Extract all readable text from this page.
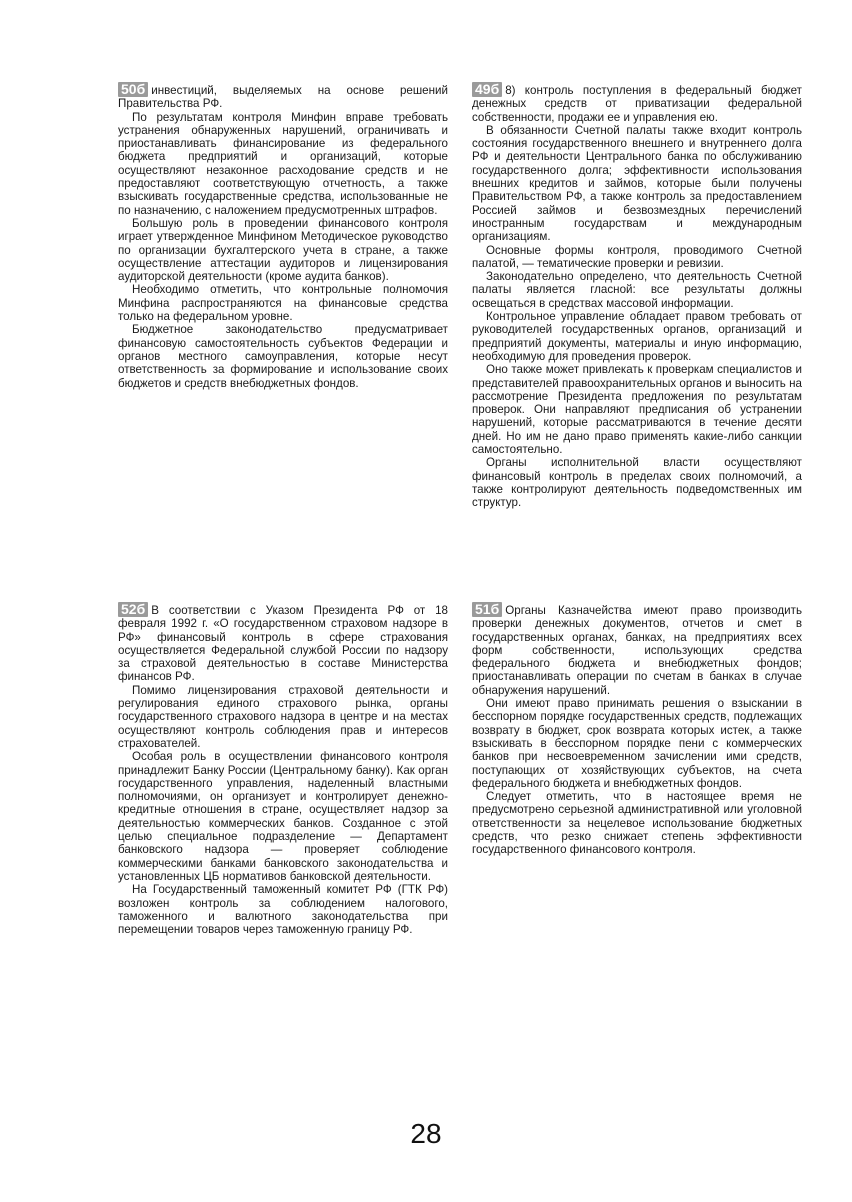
50б инвестиций, выделяемых на основе решений Правительства РФ.

По результатам контроля Минфин вправе требовать устранения обнаруженных нарушений, ограничивать и приостанавливать финансирование из федерального бюджета предприятий и организаций, которые осуществляют незаконное расходование средств и не предоставляют соответствующую отчетность, а также взыскивать государственные средства, использованные не по назначению, с наложением предусмотренных штрафов.

Большую роль в проведении финансового контроля играет утвержденное Минфином Методическое руководство по организации бухгалтерского учета в стране, а также осуществление аттестации аудиторов и лицензирования аудиторской деятельности (кроме аудита банков).

Необходимо отметить, что контрольные полномочия Минфина распространяются на финансовые средства только на федеральном уровне.

Бюджетное законодательство предусматривает финансовую самостоятельность субъектов Федерации и органов местного самоуправления, которые несут ответственность за формирование и использование своих бюджетов и средств внебюджетных фондов.

49б 8) контроль поступления в федеральный бюджет денежных средств от приватизации федеральной собственности, продажи ее и управления ею.

В обязанности Счетной палаты также входит контроль состояния государственного внешнего и внутреннего долга РФ и деятельности Центрального банка по обслуживанию государственного долга; эффективности использования внешних кредитов и займов, которые были получены Правительством РФ, а также контроль за предоставлением Россией займов и безвозмездных перечислений иностранным государствам и международным организациям.

Основные формы контроля, проводимого Счетной палатой, — тематические проверки и ревизии.

Законодательно определено, что деятельность Счетной палаты является гласной: все результаты должны освещаться в средствах массовой информации.

Контрольное управление обладает правом требовать от руководителей государственных органов, организаций и предприятий документы, материалы и иную информацию, необходимую для проведения проверок.

Оно также может привлекать к проверкам специалистов и представителей правоохранительных органов и выносить на рассмотрение Президента предложения по результатам проверок. Они направляют предписания об устранении нарушений, которые рассматриваются в течение десяти дней. Но им не дано право применять какие-либо санкции самостоятельно.

Органы исполнительной власти осуществляют финансовый контроль в пределах своих полномочий, а также контролируют деятельность подведомственных им структур.

52б В соответствии с Указом Президента РФ от 18 февраля 1992 г. «О государственном страховом надзоре в РФ» финансовый контроль в сфере страхования осуществляется Федеральной службой России по надзору за страховой деятельностью в составе Министерства финансов РФ.

Помимо лицензирования страховой деятельности и регулирования единого страхового рынка, органы государственного страхового надзора в центре и на местах осуществляют контроль соблюдения прав и интересов страхователей.

Особая роль в осуществлении финансового контроля принадлежит Банку России (Центральному банку). Как орган государственного управления, наделенный властными полномочиями, он организует и контролирует денежно-кредитные отношения в стране, осуществляет надзор за деятельностью коммерческих банков. Созданное с этой целью специальное подразделение — Департамент банковского надзора — проверяет соблюдение коммерческими банками банковского законодательства и установленных ЦБ нормативов банковской деятельности.

На Государственный таможенный комитет РФ (ГТК РФ) возложен контроль за соблюдением налогового, таможенного и валютного законодательства при перемещении товаров через таможенную границу РФ.

51б Органы Казначейства имеют право производить проверки денежных документов, отчетов и смет в государственных органах, банках, на предприятиях всех форм собственности, использующих средства федерального бюджета и внебюджетных фондов; приостанавливать операции по счетам в банках в случае обнаружения нарушений.

Они имеют право принимать решения о взыскании в бесспорном порядке государственных средств, подлежащих возврату в бюджет, срок возврата которых истек, а также взыскивать в бесспорном порядке пени с коммерческих банков при несвоевременном зачислении ими средств, поступающих от хозяйствующих субъектов, на счета федерального бюджета и внебюджетных фондов.

Следует отметить, что в настоящее время не предусмотрено серьезной административной или уголовной ответственности за нецелевое использование бюджетных средств, что резко снижает степень эффективности государственного финансового контроля.

28
